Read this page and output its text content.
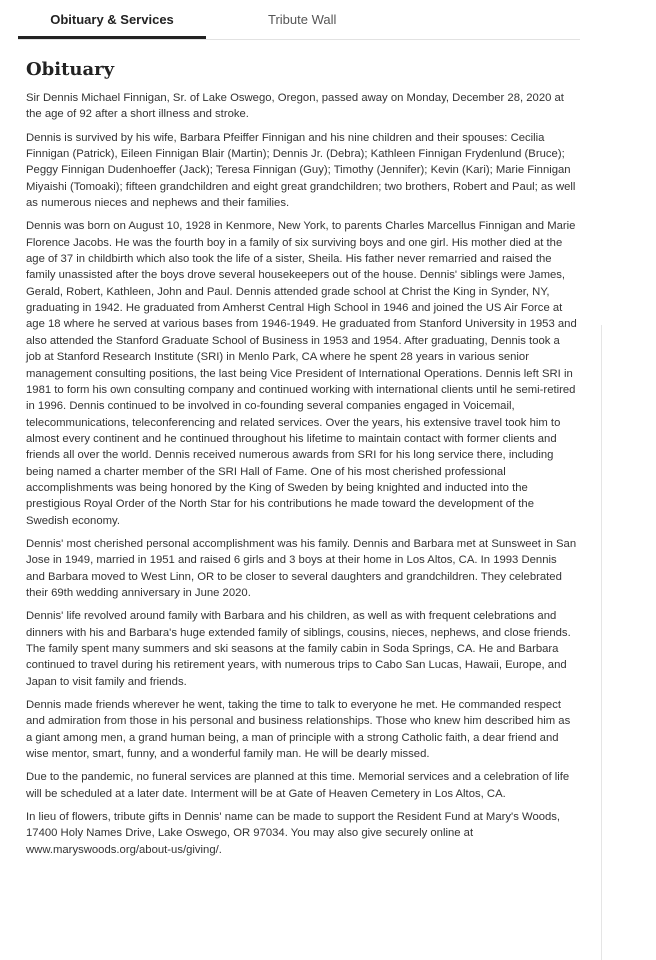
Obituary & Services	Tribute Wall
Obituary

Sir Dennis Michael Finnigan, Sr. of Lake Oswego, Oregon, passed away on Monday, December 28, 2020 at the age of 92 after a short illness and stroke.

Dennis is survived by his wife, Barbara Pfeiffer Finnigan and his nine children and their spouses: Cecilia Finnigan (Patrick), Eileen Finnigan Blair (Martin); Dennis Jr. (Debra); Kathleen Finnigan Frydenlund (Bruce); Peggy Finnigan Dudenhoeffer (Jack); Teresa Finnigan (Guy); Timothy (Jennifer); Kevin (Kari); Marie Finnigan Miyaishi (Tomoaki); fifteen grandchildren and eight great grandchildren; two brothers, Robert and Paul; as well as numerous nieces and nephews and their families.

Dennis was born on August 10, 1928 in Kenmore, New York, to parents Charles Marcellus Finnigan and Marie Florence Jacobs. He was the fourth boy in a family of six surviving boys and one girl. His mother died at the age of 37 in childbirth which also took the life of a sister, Sheila. His father never remarried and raised the family unassisted after the boys drove several housekeepers out of the house. Dennis' siblings were James, Gerald, Robert, Kathleen, John and Paul. Dennis attended grade school at Christ the King in Synder, NY, graduating in 1942. He graduated from Amherst Central High School in 1946 and joined the US Air Force at age 18 where he served at various bases from 1946-1949. He graduated from Stanford University in 1953 and also attended the Stanford Graduate School of Business in 1953 and 1954. After graduating, Dennis took a job at Stanford Research Institute (SRI) in Menlo Park, CA where he spent 28 years in various senior management consulting positions, the last being Vice President of International Operations. Dennis left SRI in 1981 to form his own consulting company and continued working with international clients until he semi-retired in 1996. Dennis continued to be involved in co-founding several companies engaged in Voicemail, telecommunications, teleconferencing and related services. Over the years, his extensive travel took him to almost every continent and he continued throughout his lifetime to maintain contact with former clients and friends all over the world. Dennis received numerous awards from SRI for his long service there, including being named a charter member of the SRI Hall of Fame. One of his most cherished professional accomplishments was being honored by the King of Sweden by being knighted and inducted into the prestigious Royal Order of the North Star for his contributions he made toward the development of the Swedish economy.

Dennis' most cherished personal accomplishment was his family. Dennis and Barbara met at Sunsweet in San Jose in 1949, married in 1951 and raised 6 girls and 3 boys at their home in Los Altos, CA. In 1993 Dennis and Barbara moved to West Linn, OR to be closer to several daughters and grandchildren. They celebrated their 69th wedding anniversary in June 2020.

Dennis' life revolved around family with Barbara and his children, as well as with frequent celebrations and dinners with his and Barbara's huge extended family of siblings, cousins, nieces, nephews, and close friends. The family spent many summers and ski seasons at the family cabin in Soda Springs, CA. He and Barbara continued to travel during his retirement years, with numerous trips to Cabo San Lucas, Hawaii, Europe, and Japan to visit family and friends.

Dennis made friends wherever he went, taking the time to talk to everyone he met. He commanded respect and admiration from those in his personal and business relationships. Those who knew him described him as a giant among men, a grand human being, a man of principle with a strong Catholic faith, a dear friend and wise mentor, smart, funny, and a wonderful family man. He will be dearly missed.

Due to the pandemic, no funeral services are planned at this time. Memorial services and a celebration of life will be scheduled at a later date. Interment will be at Gate of Heaven Cemetery in Los Altos, CA.

In lieu of flowers, tribute gifts in Dennis' name can be made to support the Resident Fund at Mary's Woods, 17400 Holy Names Drive, Lake Oswego, OR 97034. You may also give securely online at www.maryswoods.org/about-us/giving/.
